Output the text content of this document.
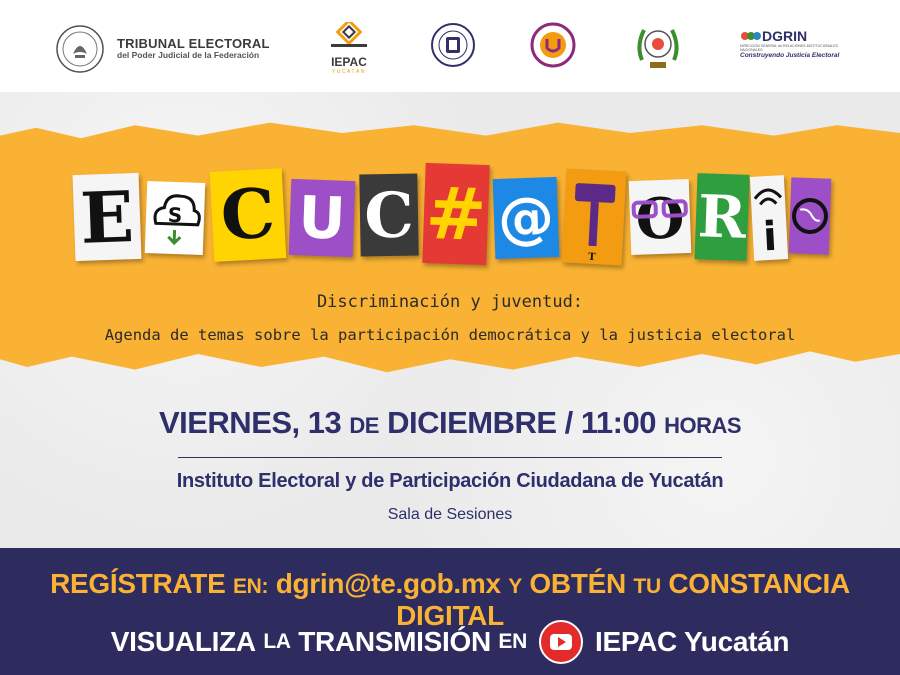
TRIBUNAL ELECTORAL
del Poder Judicial de la Federación	IEPAC
YUCATÁN
DGRIN
DIRECCIÓN GENERAL de RELACIONES INSTITUCIONALES NACIONALES
Construyendo Justicia Electoral
E	S C U C # @
T
O R i	O
Discriminación y juventud:
Agenda de temas sobre la participación democrática y la justicia electoral
VIERNES, 13 DE DICIEMBRE / 11:00 HORAS
Instituto Electoral y de Participación Ciudadana de Yucatán
Sala de Sesiones
REGÍSTRATE EN: dgrin@te.gob.mx Y OBTÉN TU CONSTANCIA DIGITAL
VISUALIZA
LA
TRANSMISIÓN
EN IEPAC Yucatán
